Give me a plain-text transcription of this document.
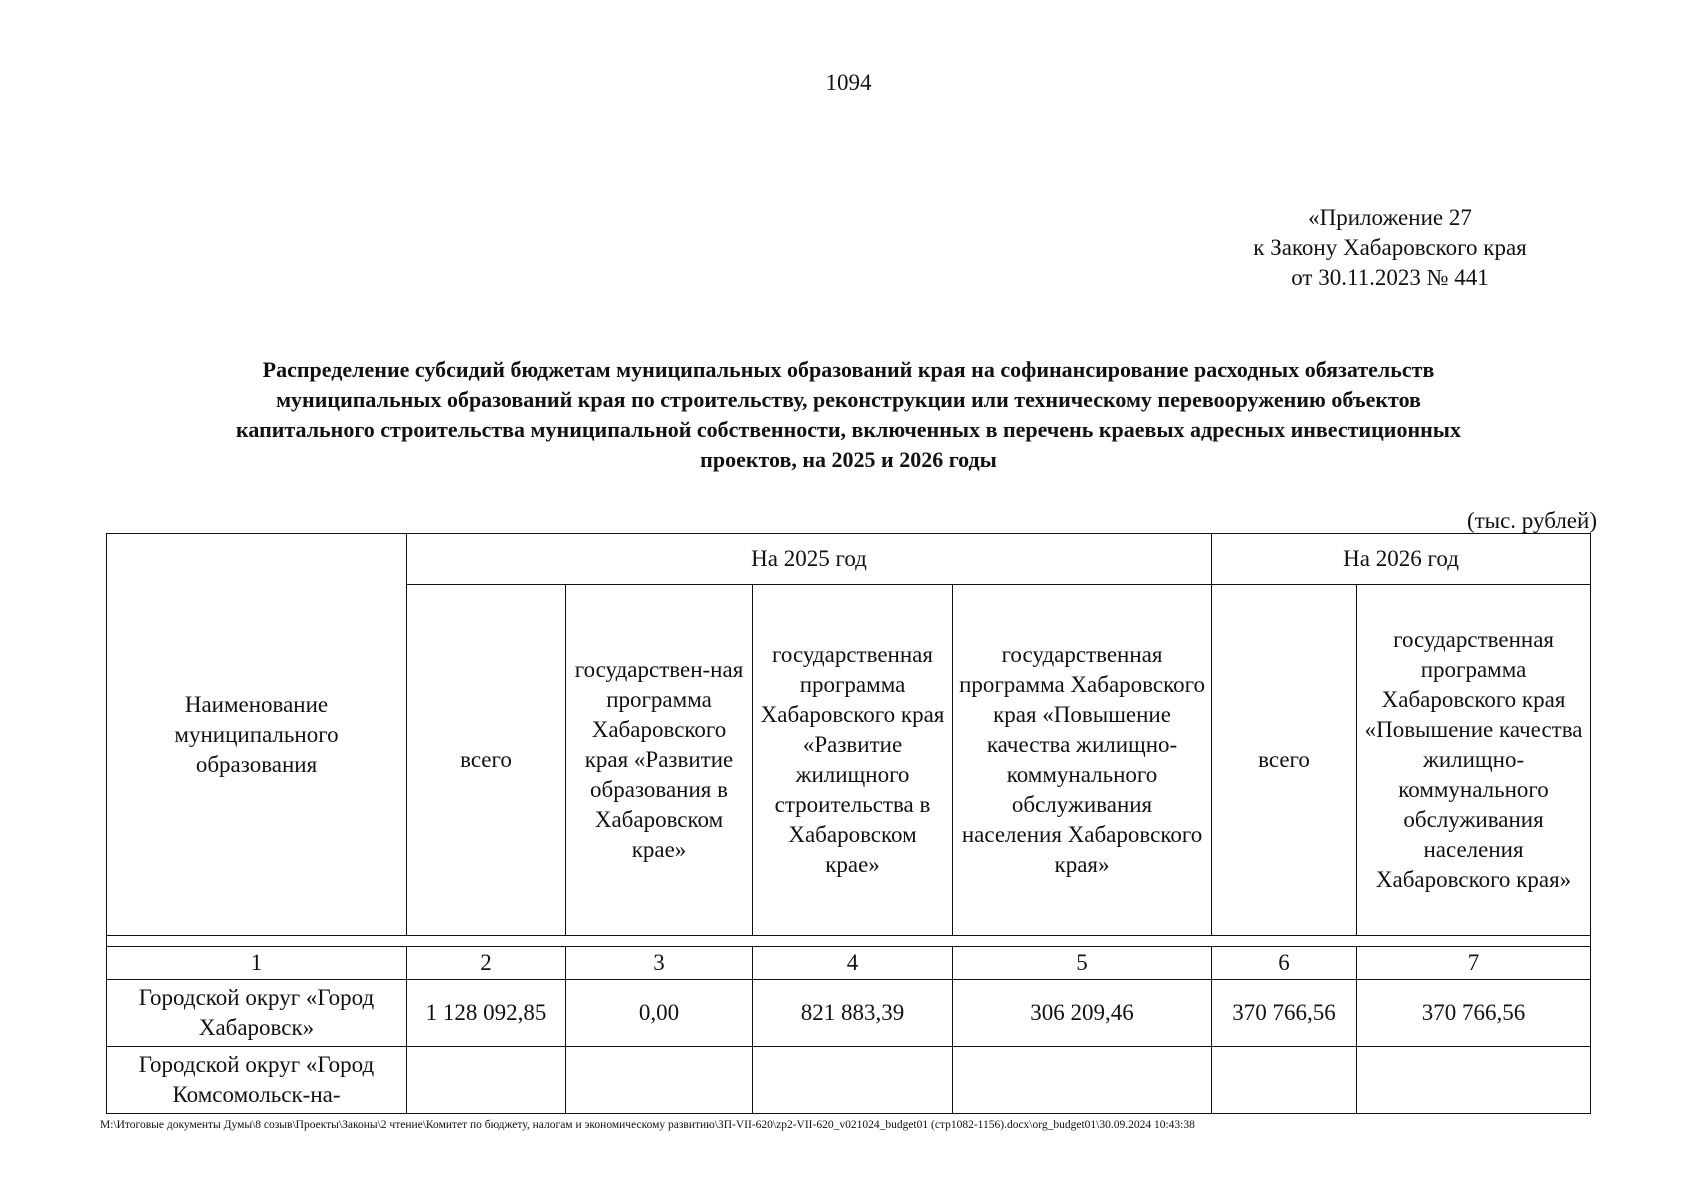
1094
«Приложение 27
к Закону Хабаровского края
от 30.11.2023 № 441
Распределение субсидий бюджетам муниципальных образований края на софинансирование расходных обязательств
муниципальных образований края по строительству, реконструкции или техническому перевооружению объектов
капитального строительства муниципальной собственности, включенных в перечень краевых адресных инвестиционных
проектов, на 2025 и 2026 годы
(тыс. рублей)
Наименование муниципального образования	На 2025 год				На 2026 год	
	всего	государствен-ная программа Хабаровского края «Развитие образования в Хабаровском крае»	государственная программа Хабаровского края «Развитие жилищного строительства в Хабаровском крае»	государственная программа Хабаровского края «Повышение качества жилищно-коммунального обслуживания населения Хабаровского края»	всего	государственная программа Хабаровского края «Повышение качества жилищно-коммунального обслуживания населения Хабаровского края»

1	2	3	4	5	6	7
Городской округ «Город Хабаровск»	1 128 092,85	0,00	821 883,39	306 209,46	370 766,56	370 766,56
Городской округ «Город Комсомольск-на-						
M:\Итоговые документы Думы\8 созыв\Проекты\Законы\2 чтение\Комитет по бюджету, налогам и экономическому развитию\ЗП-VII-620\zp2-VII-620_v021024_budget01 (стр1082-1156).docx\org_budget01\30.09.2024 10:43:38
